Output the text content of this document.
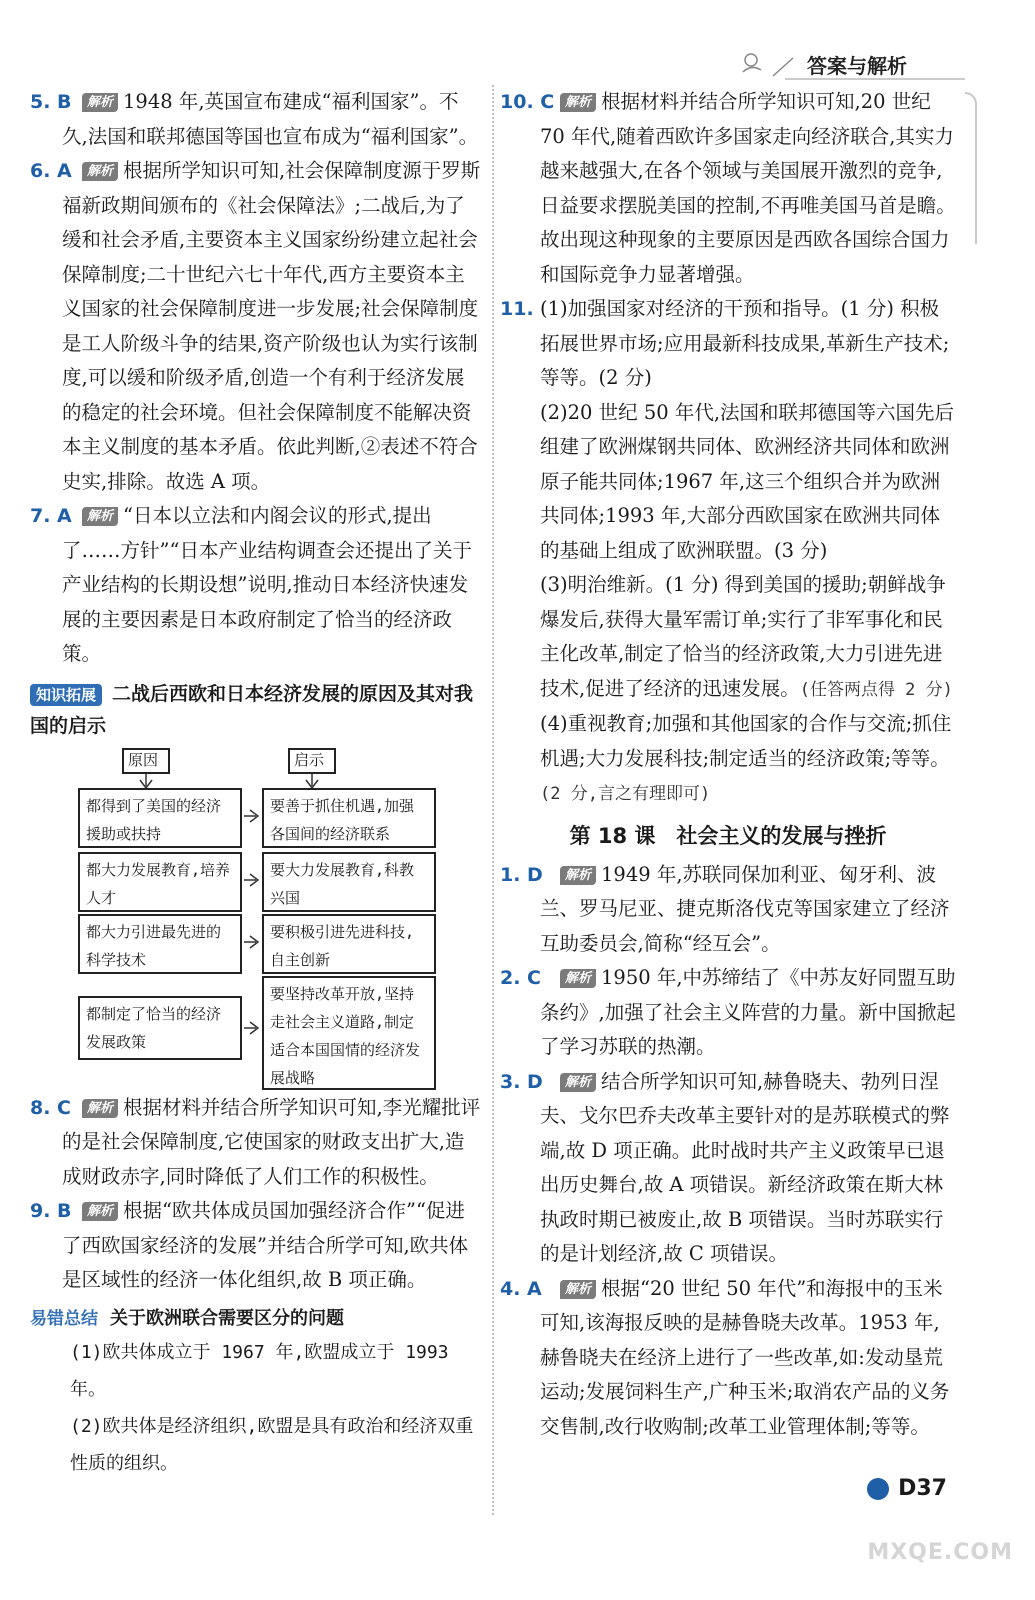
答案与解析

5. B 解析 1948 年,英国宣布建成“福利国家”。不久,法国和联邦德国等国也宣布成为“福利国家”。

6. A 解析 根据所学知识可知,社会保障制度源于罗斯福新政期间颁布的《社会保障法》;二战后,为了缓和社会矛盾,主要资本主义国家纷纷建立起社会保障制度;二十世纪六七十年代,西方主要资本主义国家的社会保障制度进一步发展;社会保障制度是工人阶级斗争的结果,资产阶级也认为实行该制度,可以缓和阶级矛盾,创造一个有利于经济发展的稳定的社会环境。但社会保障制度不能解决资本主义制度的基本矛盾。依此判断,②表述不符合史实,排除。故选 A 项。

7. A 解析 “日本以立法和内阁会议的形式,提出了……方针”“日本产业结构调查会还提出了关于产业结构的长期设想”说明,推动日本经济快速发展的主要因素是日本政府制定了恰当的经济政策。

知识拓展 二战后西欧和日本经济发展的原因及其对我国的启示
原因	启示
都得到了美国的经济援助或扶持
要善于抓住机遇,加强各国间的经济联系
都大力发展教育,培养人才
要大力发展教育,科教兴国
都大力引进最先进的科学技术
要积极引进先进科技,自主创新
都制定了恰当的经济发展政策
要坚持改革开放,坚持走社会主义道路,制定适合本国国情的经济发展战略

8. C 解析 根据材料并结合所学知识可知,李光耀批评的是社会保障制度,它使国家的财政支出扩大,造成财政赤字,同时降低了人们工作的积极性。

9. B 解析 根据“欧共体成员国加强经济合作”“促进了西欧国家经济的发展”并结合所学可知,欧共体是区域性的经济一体化组织,故 B 项正确。

易错总结 关于欧洲联合需要区分的问题

(1)欧共体成立于 1967 年,欧盟成立于 1993 年。

(2)欧共体是经济组织,欧盟是具有政治和经济双重性质的组织。

10. C 解析 根据材料并结合所学知识可知,20 世纪 70 年代,随着西欧许多国家走向经济联合,其实力越来越强大,在各个领域与美国展开激烈的竞争,日益要求摆脱美国的控制,不再唯美国马首是瞻。故出现这种现象的主要原因是西欧各国综合国力和国际竞争力显著增强。

11. (1)加强国家对经济的干预和指导。(1 分) 积极拓展世界市场;应用最新科技成果,革新生产技术;等等。(2 分)

(2)20 世纪 50 年代,法国和联邦德国等六国先后组建了欧洲煤钢共同体、欧洲经济共同体和欧洲原子能共同体;1967 年,这三个组织合并为欧洲共同体;1993 年,大部分西欧国家在欧洲共同体的基础上组成了欧洲联盟。(3 分)

(3)明治维新。(1 分) 得到美国的援助;朝鲜战争爆发后,获得大量军需订单;实行了非军事化和民主化改革,制定了恰当的经济政策,大力引进先进技术,促进了经济的迅速发展。(任答两点得 2 分)

(4)重视教育;加强和其他国家的合作与交流;抓住机遇;大力发展科技;制定适当的经济政策;等等。(2 分,言之有理即可)

第 18 课　社会主义的发展与挫折

1. D 解析 1949 年,苏联同保加利亚、匈牙利、波兰、罗马尼亚、捷克斯洛伐克等国家建立了经济互助委员会,简称“经互会”。

2. C 解析 1950 年,中苏缔结了《中苏友好同盟互助条约》,加强了社会主义阵营的力量。新中国掀起了学习苏联的热潮。

3. D 解析 结合所学知识可知,赫鲁晓夫、勃列日涅夫、戈尔巴乔夫改革主要针对的是苏联模式的弊端,故 D 项正确。此时战时共产主义政策早已退出历史舞台,故 A 项错误。新经济政策在斯大林执政时期已被废止,故 B 项错误。当时苏联实行的是计划经济,故 C 项错误。

4. A 解析 根据“20 世纪 50 年代”和海报中的玉米可知,该海报反映的是赫鲁晓夫改革。1953 年,赫鲁晓夫在经济上进行了一些改革,如:发动垦荒运动;发展饲料生产,广种玉米;取消农产品的义务交售制,改行收购制;改革工业管理体制;等等。

D37
MXQE.COM
